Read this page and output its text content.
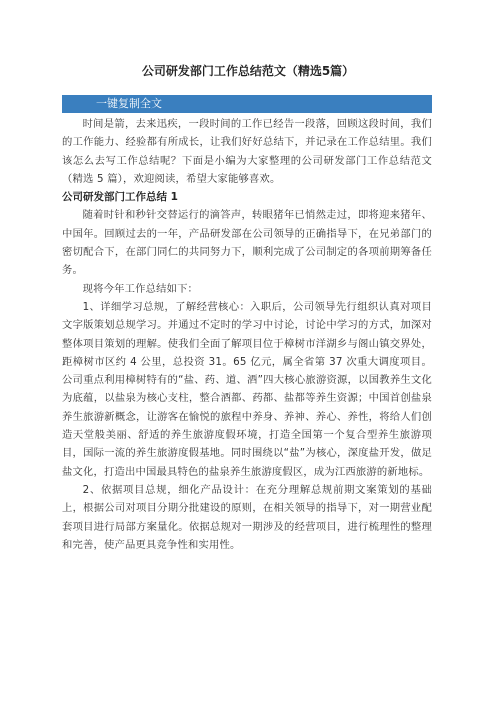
公司研发部门工作总结范文（精选5篇）
一键复制全文

时间是箭，去来迅疾，一段时间的工作已经告一段落，回顾这段时间，我们的工作能力、经验都有所成长，让我们好好总结下，并记录在工作总结里。我们该怎么去写工作总结呢？下面是小编为大家整理的公司研发部门工作总结范文（精选 5 篇），欢迎阅读，希望大家能够喜欢。

公司研发部门工作总结 1

随着时针和秒针交替运行的滴答声，转眼猪年已悄然走过，即将迎来猪年、中国年。回顾过去的一年，产品研发部在公司领导的正确指导下，在兄弟部门的密切配合下，在部门同仁的共同努力下，顺利完成了公司制定的各项前期筹备任务。

现将今年工作总结如下：

1、详细学习总规，了解经营核心：入职后，公司领导先行组织认真对项目文字版策划总规学习。并通过不定时的学习中讨论，讨论中学习的方式，加深对整体项目策划的理解。使我们全面了解项目位于樟树市洋湖乡与阁山镇交界处，距樟树市区约 4 公里，总投资 31。65 亿元，属全省第 37 次重大调度项目。公司重点利用樟树特有的“盐、药、道、酒”四大核心旅游资源，以国教养生文化为底蕴，以盐泉为核心支柱，整合酒都、药都、盐都等养生资源；中国首创盐泉养生旅游新概念，让游客在愉悦的旅程中养身、养神、养心、养性，将给人们创造天堂般美丽、舒适的养生旅游度假环境，打造全国第一个复合型养生旅游项目，国际一流的养生旅游度假基地。同时围绕以“盐”为核心，深度盐开发，做足盐文化，打造出中国最具特色的盐泉养生旅游度假区，成为江西旅游的新地标。

2、依据项目总规，细化产品设计：在充分理解总规前期文案策划的基础上，根据公司对项目分期分批建设的原则，在相关领导的指导下，对一期营业配套项目进行局部方案量化。依据总规对一期涉及的经营项目，进行梳理性的整理和完善，使产品更具竞争性和实用性。
